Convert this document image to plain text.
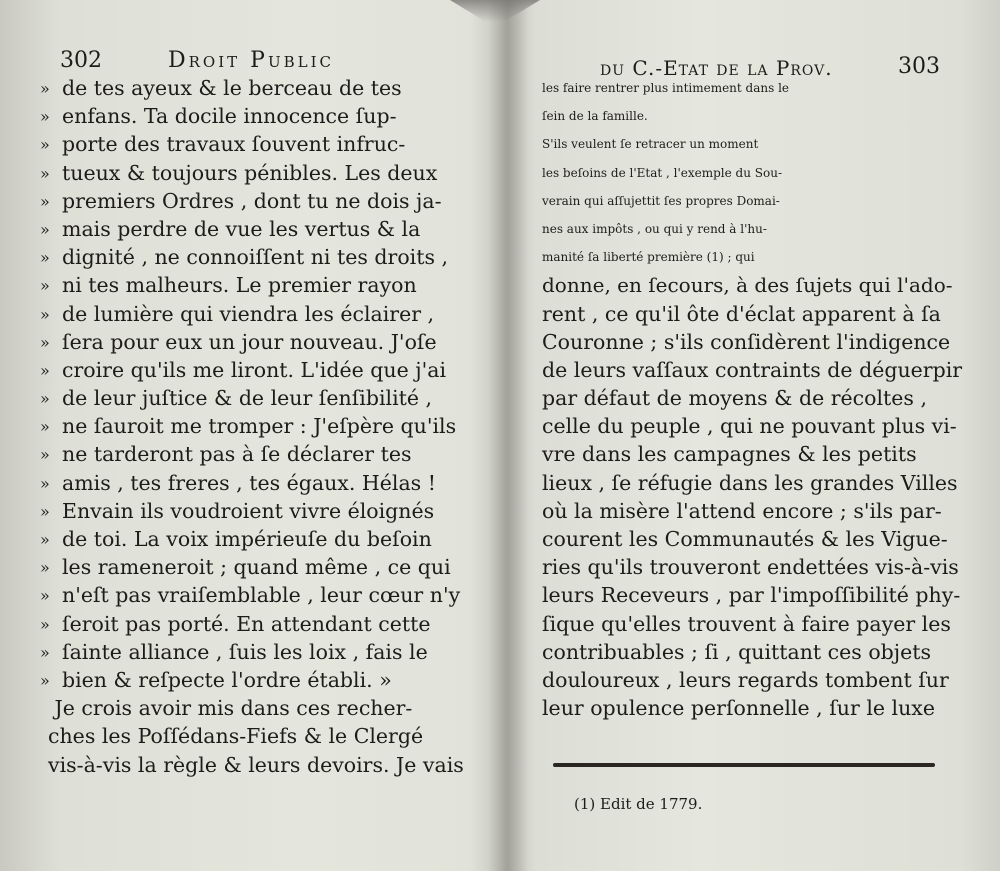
302	Droit Public
» de tes ayeux & le berceau de tes
» enfans. Ta docile innocence ſup-
» porte des travaux ſouvent infruc-
» tueux & toujours pénibles. Les deux
» premiers Ordres , dont tu ne dois ja-
» mais perdre de vue les vertus & la
» dignité , ne connoiſſent ni tes droits ,
» ni tes malheurs. Le premier rayon
» de lumière qui viendra les éclairer ,
» ſera pour eux un jour nouveau. J'oſe
» croire qu'ils me liront. L'idée que j'ai
» de leur juſtice & de leur ſenſibilité ,
» ne ſauroit me tromper : J'eſpère qu'ils
» ne tarderont pas à ſe déclarer tes
» amis , tes freres , tes égaux. Hélas !
» Envain ils voudroient vivre éloignés
» de toi. La voix impérieuſe du beſoin
» les rameneroit ; quand même , ce qui
» n'eſt pas vraiſemblable , leur cœur n'y
» ſeroit pas porté. En attendant cette
» ſainte alliance , ſuis les loix , fais le
» bien & reſpecte l'ordre établi. »
Je crois avoir mis dans ces recher-
ches les Poſſédans-Fiefs & le Clergé
vis-à-vis la règle & leurs devoirs. Je vais
du C.-Etat de la Prov.	303
les faire rentrer plus intimement dans le
ſein de la famille.
S'ils veulent ſe retracer un moment
les beſoins de l'Etat , l'exemple du Sou-
verain qui aſſujettit ſes propres Domai-
nes aux impôts , ou qui y rend à l'hu-
manité ſa liberté première (1) ; qui
donne, en ſecours, à des ſujets qui l'ado-
rent , ce qu'il ôte d'éclat apparent à ſa
Couronne ; s'ils conſidèrent l'indigence
de leurs vaſſaux contraints de déguerpir
par défaut de moyens & de récoltes ,
celle du peuple , qui ne pouvant plus vi-
vre dans les campagnes & les petits
lieux , ſe réfugie dans les grandes Villes
où la misère l'attend encore ; s'ils par-
courent les Communautés & les Vigue-
ries qu'ils trouveront endettées vis-à-vis
leurs Receveurs , par l'impoſſibilité phy-
ſique qu'elles trouvent à faire payer les
contribuables ; ſi , quittant ces objets
douloureux , leurs regards tombent ſur
leur opulence perſonnelle , ſur le luxe
(1) Edit de 1779.
